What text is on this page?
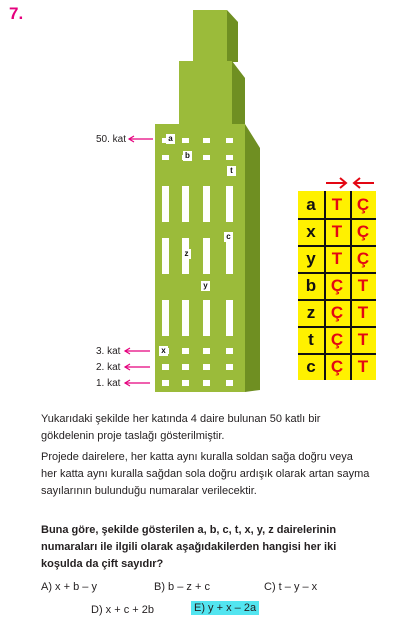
7.
50. kat
3. kat
2. kat
1. kat
a
b
t
c
z
y
x
a T Ç
x T Ç
y T Ç
b Ç T
z Ç T
t	Ç T
c Ç T
Yukarıdaki şekilde her katında 4 daire bulunan 50 katlı bir gökdelenin proje taslağı gösterilmiştir.
Projede dairelere, her katta aynı kuralla soldan sağa doğru veya her katta aynı kuralla sağdan sola doğru ardışık olarak artan sayma sayılarının bulunduğu numaralar verilecektir.
Buna göre, şekilde gösterilen a, b, c, t, x, y, z dairelerinin numaraları ile ilgili olarak aşağıdakilerden hangisi her iki koşulda da çift sayıdır?
A) x + b – y	B) b – z + c	C) t – y – x
D) x + c + 2b	E) y + x – 2a
